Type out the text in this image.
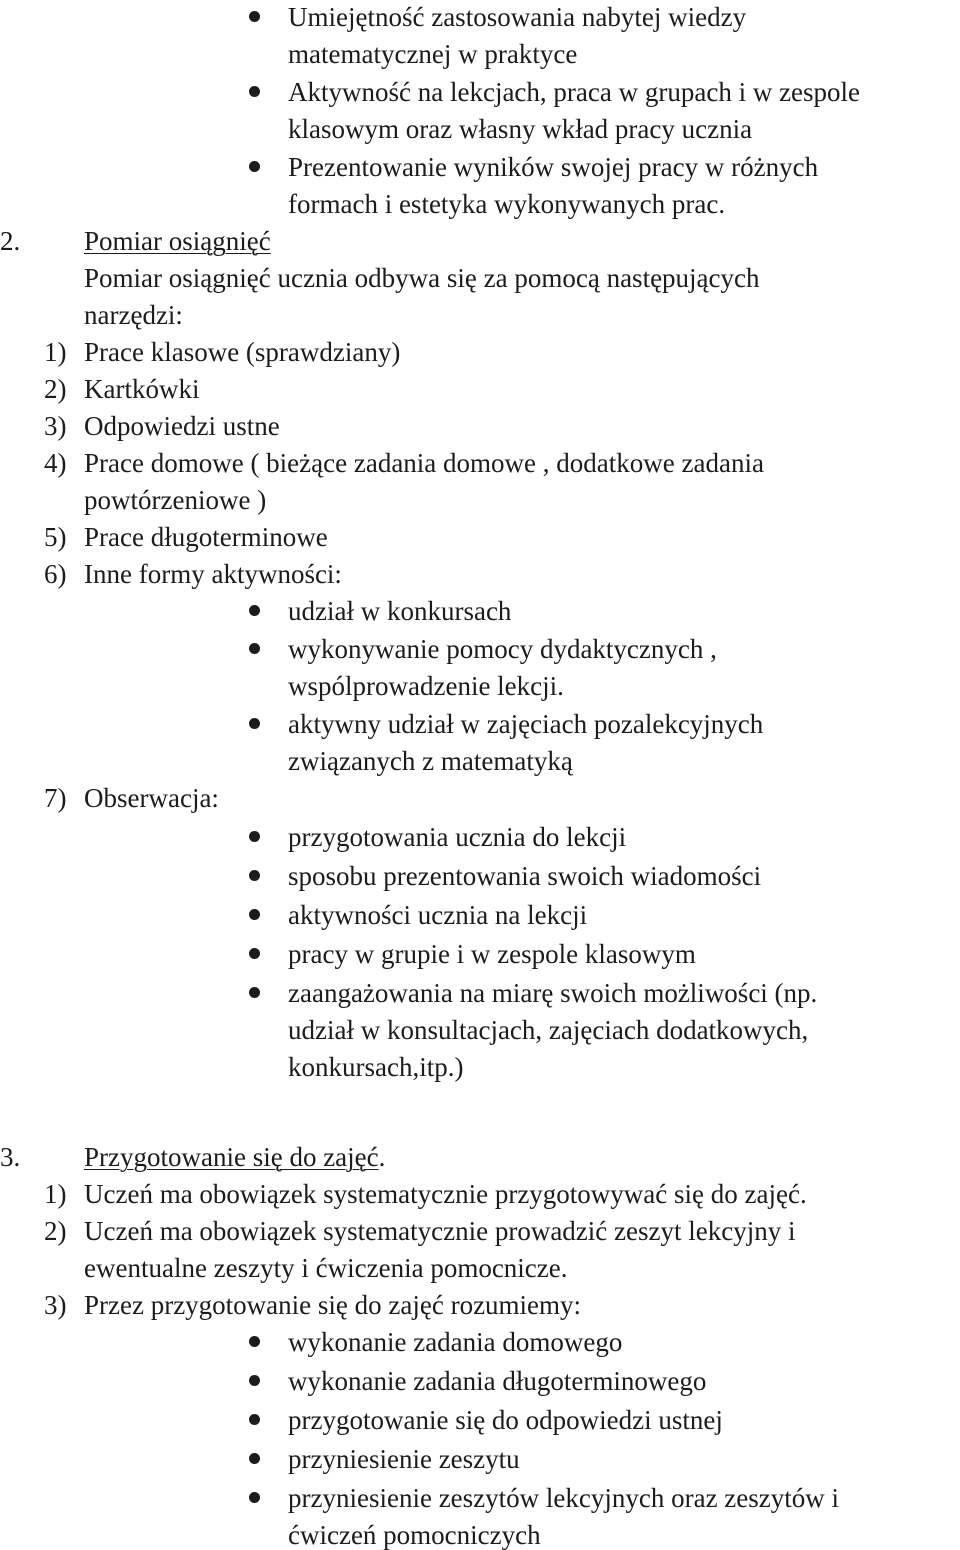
Umiejętność zastosowania nabytej wiedzy
matematycznej w praktyce
Aktywność na lekcjach, praca w grupach i w zespole
klasowym oraz własny wkład pracy ucznia
Prezentowanie wyników swojej pracy w różnych
formach i estetyka wykonywanych prac.
2. Pomiar osiągnięć
Pomiar osiągnięć ucznia odbywa się za pomocą następujących
narzędzi:
1) Prace klasowe (sprawdziany)
2) Kartkówki
3) Odpowiedzi ustne
4) Prace domowe ( bieżące zadania domowe , dodatkowe zadania
powtórzeniowe )
5) Prace długoterminowe
6) Inne formy aktywności:
udział w konkursach
wykonywanie pomocy dydaktycznych ,
wspólprowadzenie lekcji.
aktywny udział w zajęciach pozalekcyjnych
związanych z matematyką
7) Obserwacja:
przygotowania ucznia do lekcji
sposobu prezentowania swoich wiadomości
aktywności ucznia na lekcji
pracy w grupie i w zespole klasowym
zaangażowania na miarę swoich możliwości (np.
udział w konsultacjach, zajęciach dodatkowych,
konkursach,itp.)
3. Przygotowanie się do zajęć.
1) Uczeń ma obowiązek systematycznie przygotowywać się do zajęć.
2) Uczeń ma obowiązek systematycznie prowadzić zeszyt lekcyjny i
ewentualne zeszyty i ćwiczenia pomocnicze.
3) Przez przygotowanie się do zajęć rozumiemy:
wykonanie zadania domowego
wykonanie zadania długoterminowego
przygotowanie się do odpowiedzi ustnej
przyniesienie zeszytu
przyniesienie zeszytów lekcyjnych oraz zeszytów i
ćwiczeń pomocniczych
